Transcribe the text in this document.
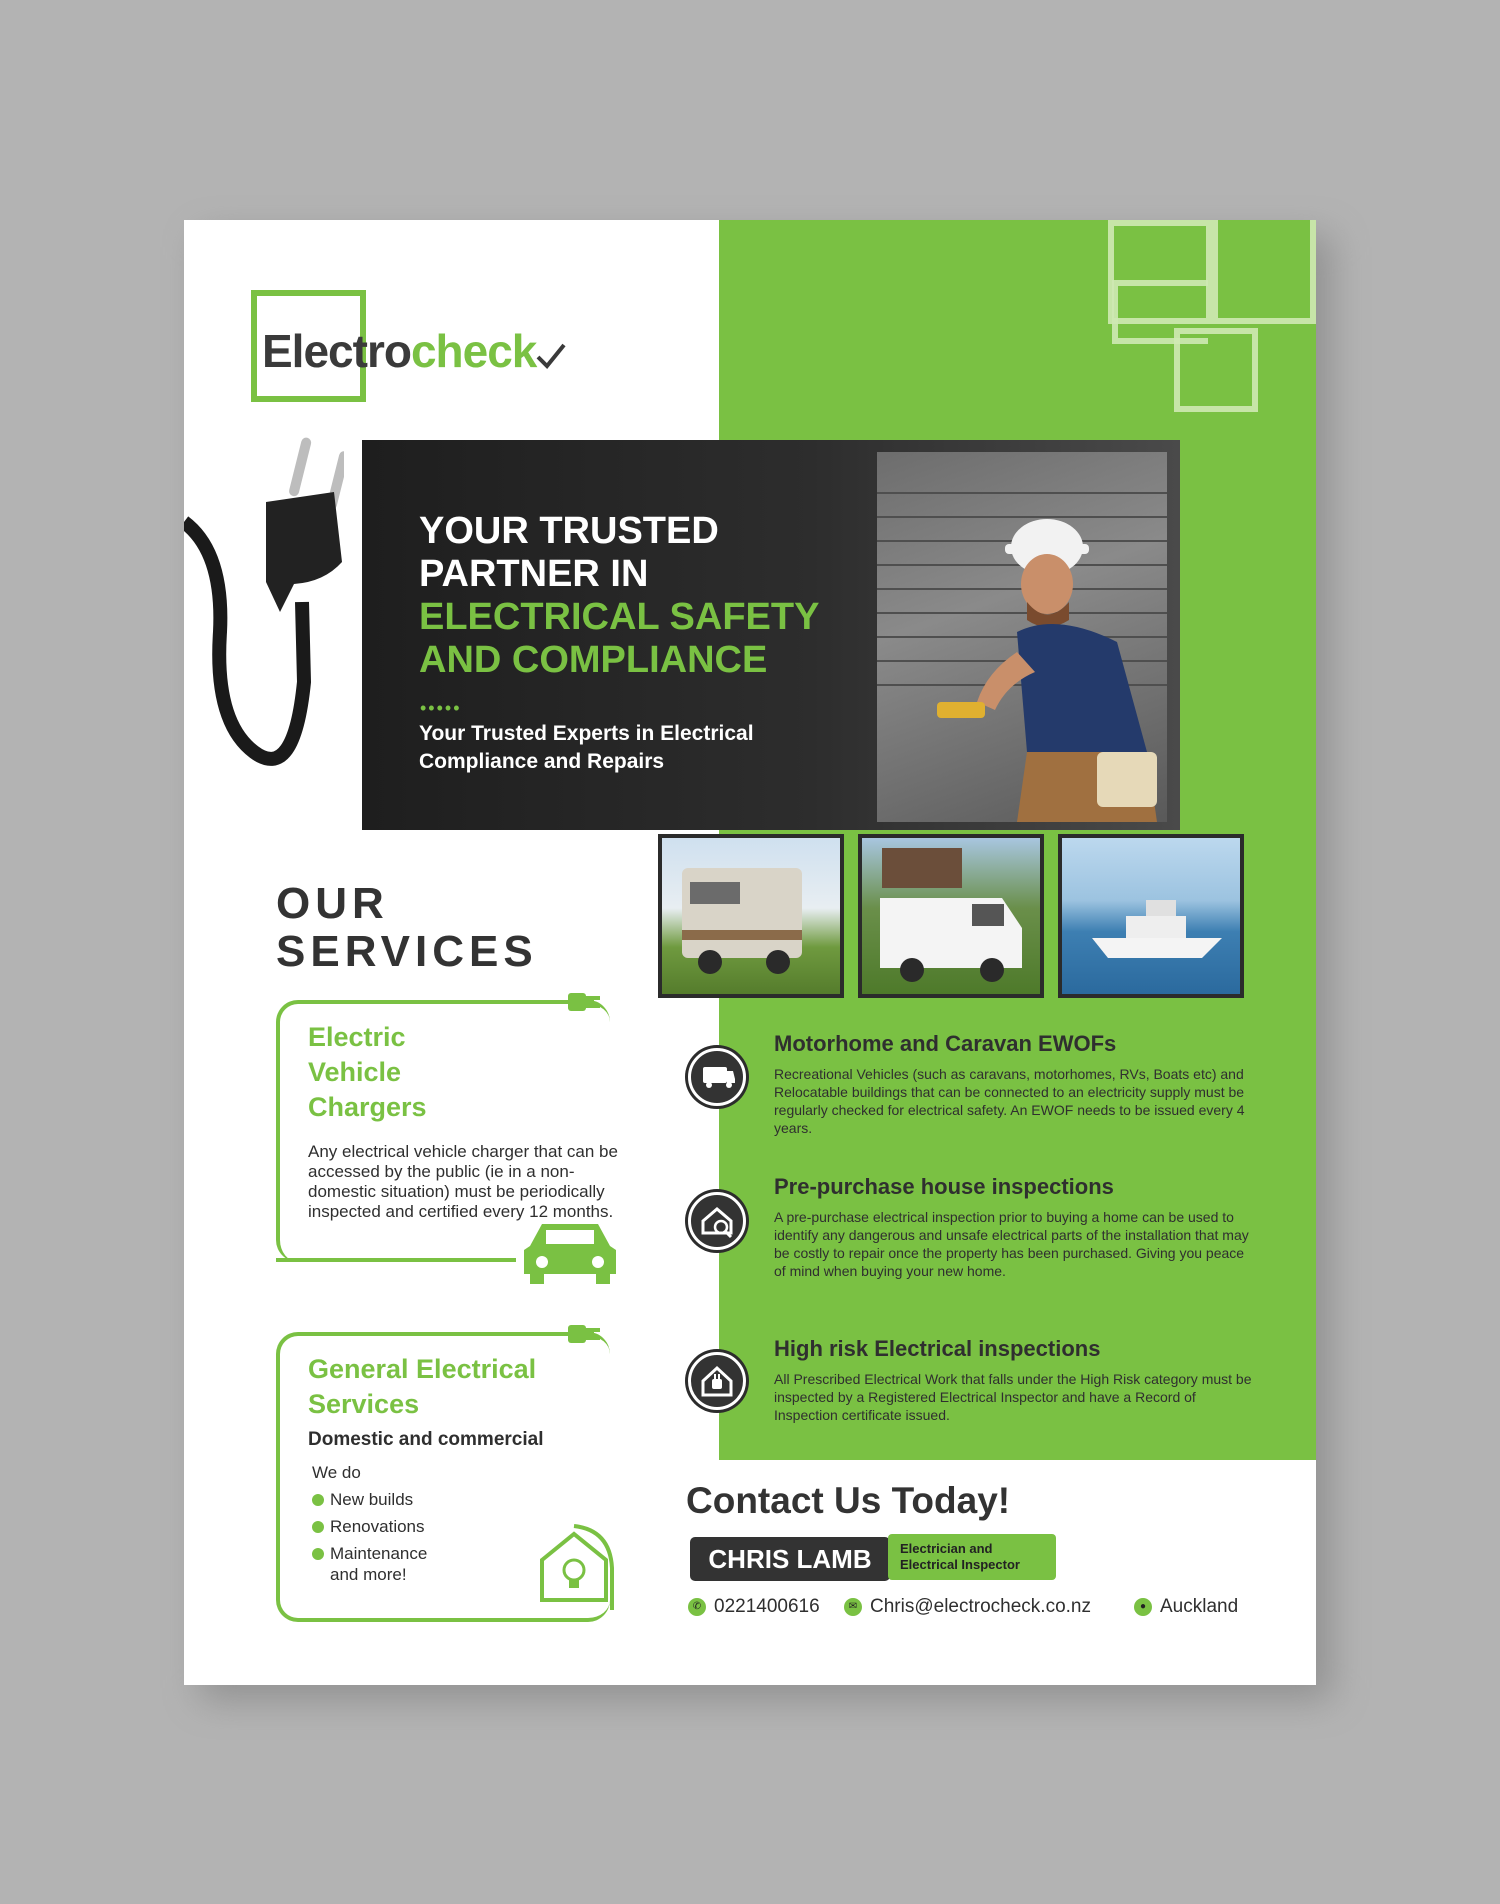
Electrocheck
YOUR TRUSTED
PARTNER IN
ELECTRICAL SAFETY
AND COMPLIANCE
•••••
Your Trusted Experts in Electrical Compliance and Repairs
OUR
SERVICES
Electric
Vehicle
Chargers
Any electrical vehicle charger that can be accessed by the public (ie in a non-domestic situation) must be periodically inspected and certified every 12 months.
General Electrical
Services
Domestic and commercial
We do
New builds
Renovations
Maintenance
and more!
Motorhome and Caravan EWOFs
Recreational Vehicles (such as caravans, motorhomes, RVs, Boats etc) and Relocatable buildings that can be connected to an electricity supply must be regularly checked for electrical safety. An EWOF needs to be issued every 4 years.
Pre-purchase house inspections
A pre-purchase electrical inspection prior to buying a home can be used to identify any dangerous and unsafe electrical parts of the installation that may be costly to repair once the property has been purchased. Giving you peace of mind when buying your new home.
High risk Electrical inspections
All Prescribed Electrical Work that falls under the High Risk category must be inspected by a Registered Electrical Inspector and have a Record of Inspection certificate issued.
Contact Us Today!
CHRIS LAMB	Electrician and
Electrical Inspector
✆ 0221400616	✉ Chris@electrocheck.co.nz	● Auckland
